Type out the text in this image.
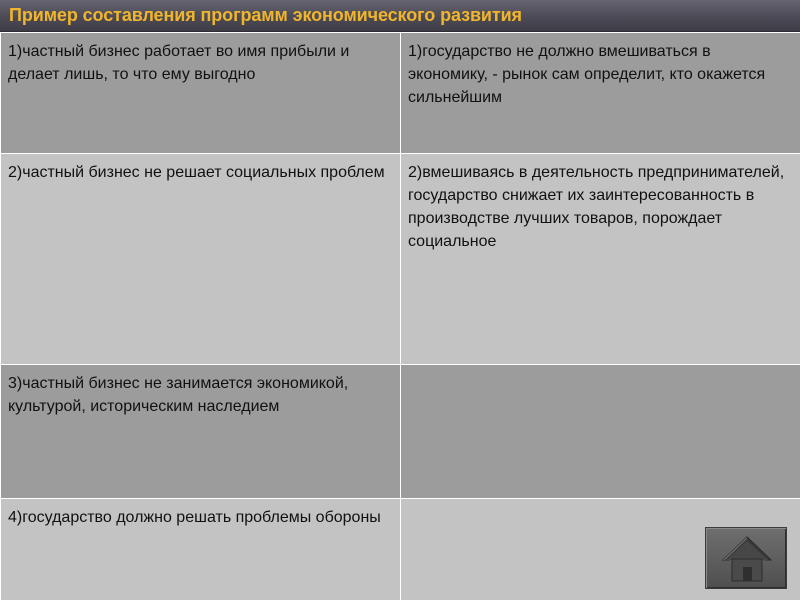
Пример составления программ экономического развития
1)частный бизнес работает во имя прибыли и делает лишь, то что ему выгодно	1)государство не должно вмешиваться в экономику, - рынок сам определит, кто окажется сильнейшим
2)частный бизнес не решает социальных проблем	2)вмешиваясь в деятельность предпринимателей, государство снижает их заинтересованность в производстве лучших товаров, порождает социальное
3)частный бизнес не занимается экономикой, культурой, историческим наследием	
4)государство должно решать проблемы обороны	
